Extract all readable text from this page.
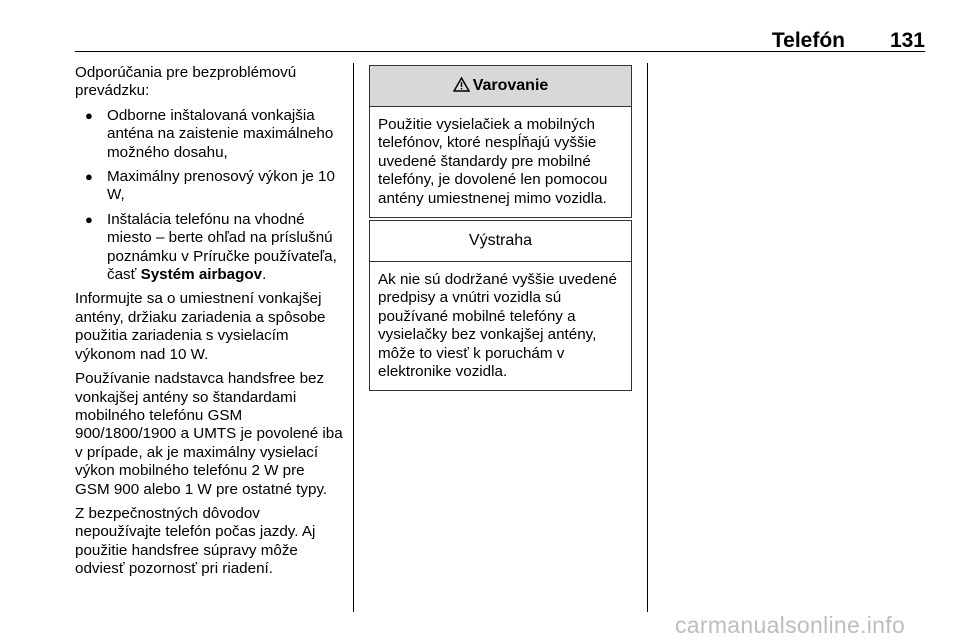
Telefón 131

Odporúčania pre bezproblémovú prevádzku:

● Odborne inštalovaná vonkajšia anténa na zaistenie maximálneho možného dosahu,
● Maximálny prenosový výkon je 10 W,
● Inštalácia telefónu na vhodné miesto – berte ohľad na príslušnú poznámku v Príručke používateľa, časť Systém airbagov.

Informujte sa o umiestnení vonkajšej antény, držiaku zariadenia a spôsobe použitia zariadenia s vysielacím výkonom nad 10 W.

Používanie nadstavca handsfree bez vonkajšej antény so štandardami mobilného telefónu GSM 900/1800/1900 a UMTS je povolené iba v prípade, ak je maximálny vysielací výkon mobilného telefónu 2 W pre GSM 900 alebo 1 W pre ostatné typy.

Z bezpečnostných dôvodov nepoužívajte telefón počas jazdy. Aj použitie handsfree súpravy môže odviesť pozornosť pri riadení.

Varovanie
Použitie vysielačiek a mobilných telefónov, ktoré nespĺňajú vyššie uvedené štandardy pre mobilné telefóny, je dovolené len pomocou antény umiestnenej mimo vozidla.
Výstraha
Ak nie sú dodržané vyššie uvedené predpisy a vnútri vozidla sú používané mobilné telefóny a vysielačky bez vonkajšej antény, môže to viesť k poruchám v elektronike vozidla.
carmanualsonline.info
